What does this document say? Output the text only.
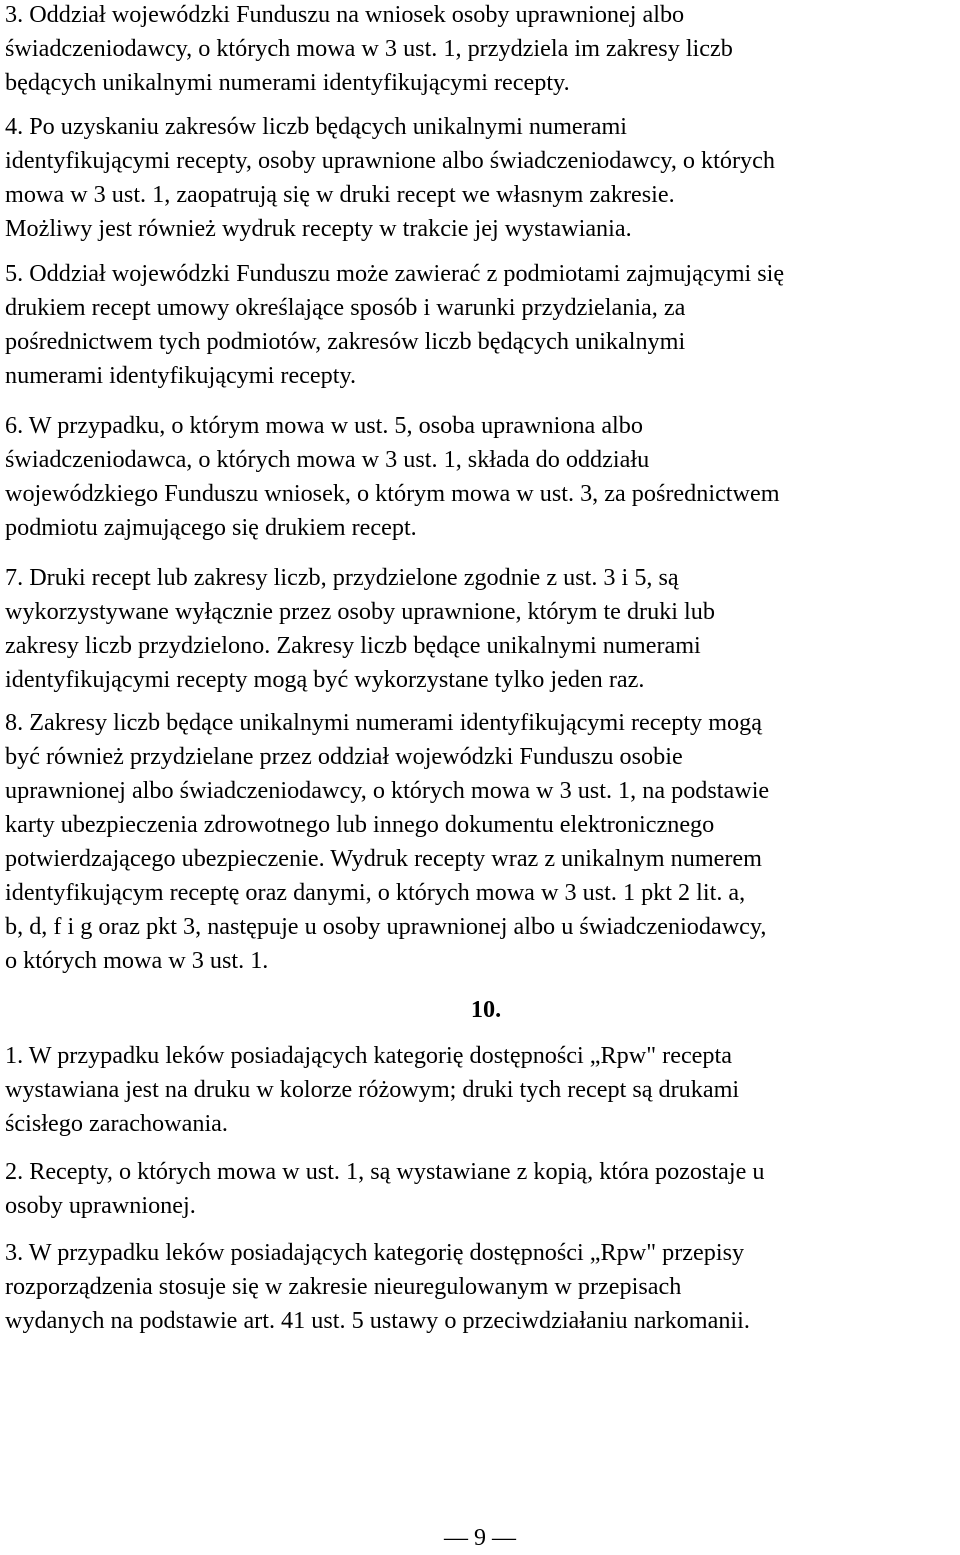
3. Oddział wojewódzki Funduszu na wniosek osoby uprawnionej albo
świadczeniodawcy, o których mowa w 3 ust. 1, przydziela im zakresy liczb
będących unikalnymi numerami identyfikującymi recepty.

4. Po uzyskaniu zakresów liczb będących unikalnymi numerami
identyfikującymi recepty, osoby uprawnione albo świadczeniodawcy, o których
mowa w 3 ust. 1, zaopatrują się w druki recept we własnym zakresie.
Możliwy jest również wydruk recepty w trakcie jej wystawiania.

5. Oddział wojewódzki Funduszu może zawierać z podmiotami zajmującymi się
drukiem recept umowy określające sposób i warunki przydzielania, za
pośrednictwem tych podmiotów, zakresów liczb będących unikalnymi
numerami identyfikującymi recepty.

6. W przypadku, o którym mowa w ust. 5, osoba uprawniona albo
świadczeniodawca, o których mowa w 3 ust. 1, składa do oddziału
wojewódzkiego Funduszu wniosek, o którym mowa w ust. 3, za pośrednictwem
podmiotu zajmującego się drukiem recept.

7. Druki recept lub zakresy liczb, przydzielone zgodnie z ust. 3 i 5, są
wykorzystywane wyłącznie przez osoby uprawnione, którym te druki lub
zakresy liczb przydzielono. Zakresy liczb będące unikalnymi numerami
identyfikującymi recepty mogą być wykorzystane tylko jeden raz.

8. Zakresy liczb będące unikalnymi numerami identyfikującymi recepty mogą
być również przydzielane przez oddział wojewódzki Funduszu osobie
uprawnionej albo świadczeniodawcy, o których mowa w 3 ust. 1, na podstawie
karty ubezpieczenia zdrowotnego lub innego dokumentu elektronicznego
potwierdzającego ubezpieczenie. Wydruk recepty wraz z unikalnym numerem
identyfikującym receptę oraz danymi, o których mowa w 3 ust. 1 pkt 2 lit. a,
b, d, f i g oraz pkt 3, następuje u osoby uprawnionej albo u świadczeniodawcy,
o których mowa w 3 ust. 1.

10.

1. W przypadku leków posiadających kategorię dostępności „Rpw" recepta
wystawiana jest na druku w kolorze różowym; druki tych recept są drukami
ścisłego zarachowania.

2. Recepty, o których mowa w ust. 1, są wystawiane z kopią, która pozostaje u
osoby uprawnionej.

3. W przypadku leków posiadających kategorię dostępności „Rpw" przepisy
rozporządzenia stosuje się w zakresie nieuregulowanym w przepisach
wydanych na podstawie art. 41 ust. 5 ustawy o przeciwdziałaniu narkomanii.

— 9 —
